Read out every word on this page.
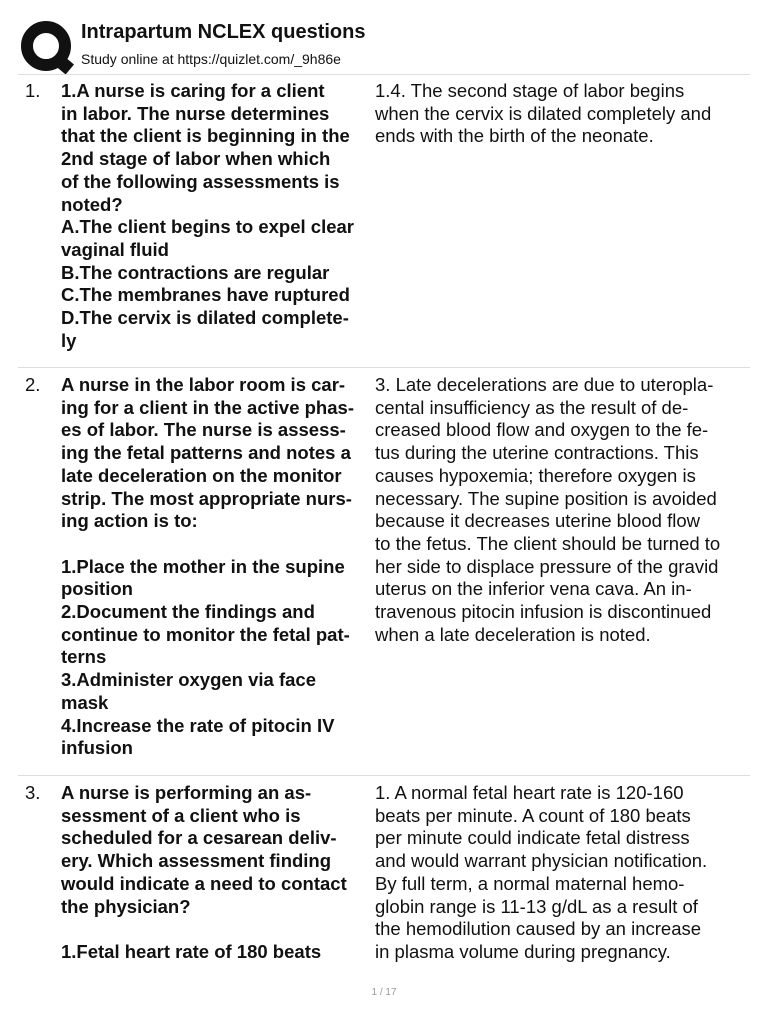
Intrapartum NCLEX questions
Study online at https://quizlet.com/_9h86e
1. 1.A nurse is caring for a client
in labor. The nurse determines
that the client is beginning in the
2nd stage of labor when which
of the following assessments is
noted?
A.The client begins to expel clear
vaginal fluid
B.The contractions are regular
C.The membranes have ruptured
D.The cervix is dilated complete-
ly
1.4. The second stage of labor begins
when the cervix is dilated completely and
ends with the birth of the neonate.
2. A nurse in the labor room is car-
ing for a client in the active phas-
es of labor. The nurse is assess-
ing the fetal patterns and notes a
late deceleration on the monitor
strip. The most appropriate nurs-
ing action is to:

1.Place the mother in the supine
position
2.Document the findings and
continue to monitor the fetal pat-
terns
3.Administer oxygen via face
mask
4.Increase the rate of pitocin IV
infusion
3. Late decelerations are due to uteropla-
cental insufficiency as the result of de-
creased blood flow and oxygen to the fe-
tus during the uterine contractions. This
causes hypoxemia; therefore oxygen is
necessary. The supine position is avoided
because it decreases uterine blood flow
to the fetus. The client should be turned to
her side to displace pressure of the gravid
uterus on the inferior vena cava. An in-
travenous pitocin infusion is discontinued
when a late deceleration is noted.
3. A nurse is performing an as-
sessment of a client who is
scheduled for a cesarean deliv-
ery. Which assessment finding
would indicate a need to contact
the physician?

1.Fetal heart rate of 180 beats
1. A normal fetal heart rate is 120-160
beats per minute. A count of 180 beats
per minute could indicate fetal distress
and would warrant physician notification.
By full term, a normal maternal hemo-
globin range is 11-13 g/dL as a result of
the hemodilution caused by an increase
in plasma volume during pregnancy.
1 / 17
